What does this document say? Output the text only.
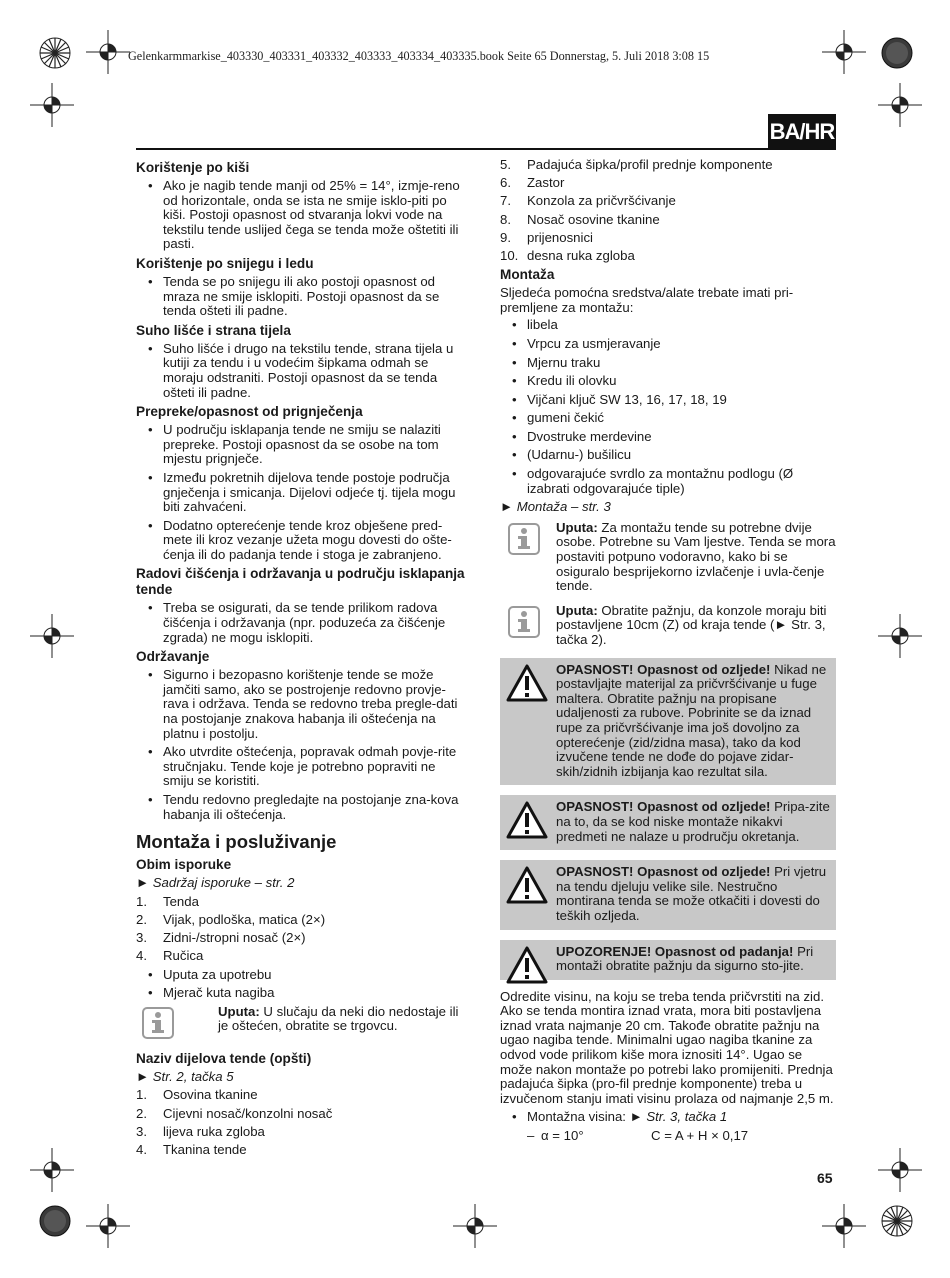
Gelenkarmmarkise_403330_403331_403332_403333_403334_403335.book Seite 65 Donnerstag, 5. Juli 2018 3:08 15
BA/HR
Korištenje po kiši
• Ako je nagib tende manji od 25% = 14°, izmje-reno od horizontale, onda se ista ne smije isklo-piti po kiši. Postoji opasnost od stvaranja lokvi vode na tekstilu tende uslijed čega se tenda može oštetiti ili pasti.
Korištenje po snijegu i ledu
• Tenda se po snijegu ili ako postoji opasnost od mraza ne smije isklopiti. Postoji opasnost da se tenda ošteti ili padne.
Suho lišće i strana tijela
• Suho lišće i drugo na tekstilu tende, strana tijela u kutiji za tendu i u vodećim šipkama odmah se moraju odstraniti. Postoji opasnost da se tenda ošteti ili padne.
Prepreke/opasnost od prignječenja
• U području isklapanja tende ne smiju se nalaziti prepreke. Postoji opasnost da se osobe na tom mjestu prignječe.
• Između pokretnih dijelova tende postoje područja gnječenja i smicanja. Dijelovi odjeće tj. tijela mogu biti zahvaćeni.
• Dodatno opterećenje tende kroz obješene pred-mete ili kroz vezanje užeta mogu dovesti do ošte-ćenja ili do padanja tende i stoga je zabranjeno.
Radovi čišćenja i održavanja u području isklapanja tende
• Treba se osigurati, da se tende prilikom radova čišćenja i održavanja (npr. poduzeća za čišćenje zgrada) ne mogu isklopiti.
Održavanje
• Sigurno i bezopasno korištenje tende se može jamčiti samo, ako se postrojenje redovno provje-rava i održava. Tenda se redovno treba pregle-dati na postojanje znakova habanja ili oštećenja na platnu i postolju.
• Ako utvrdite oštećenja, popravak odmah povje-rite stručnjaku. Tende koje je potrebno popraviti ne smiju se koristiti.
• Tendu redovno pregledajte na postojanje zna-kova habanja ili oštećenja.
Montaža i posluživanje
Obim isporuke
► Sadržaj isporuke – str. 2
1. Tenda
2. Vijak, podloška, matica (2×)
3. Zidni-/stropni nosač (2×)
4. Ručica
• Uputa za upotrebu
• Mjerač kuta nagiba
Uputa: U slučaju da neki dio nedostaje ili je oštećen, obratite se trgovcu.
Naziv dijelova tende (opšti)
► Str. 2, tačka 5
1. Osovina tkanine
2. Cijevni nosač/konzolni nosač
3. lijeva ruka zgloba
4. Tkanina tende
5. Padajuća šipka/profil prednje komponente
6. Zastor
7. Konzola za pričvršćivanje
8. Nosač osovine tkanine
9. prijenosnici
10. desna ruka zgloba
Montaža
Sljedeća pomoćna sredstva/alate trebate imati pri-premljene za montažu:
• libela
• Vrpcu za usmjeravanje
• Mjernu traku
• Kredu ili olovku
• Vijčani ključ SW 13, 16, 17, 18, 19
• gumeni čekić
• Dvostruke merdevine
• (Udarnu-) bušilicu
• odgovarajuće svrdlo za montažnu podlogu (Ø izabrati odgovarajuće tiple)
► Montaža – str. 3
Uputa: Za montažu tende su potrebne dvije osobe. Potrebne su Vam ljestve. Tenda se mora postaviti potpuno vodoravno, kako bi se osiguralo besprijekorno izvlačenje i uvla-čenje tende.
Uputa: Obratite pažnju, da konzole moraju biti postavljene 10cm (Z) od kraja tende (► Str. 3, tačka 2).
OPASNOST! Opasnost od ozljede! Nikad ne postavljajte materijal za pričvršćivanje u fuge maltera. Obratite pažnju na propisane udaljenosti za rubove. Pobrinite se da iznad rupe za pričvršćivanje ima još dovoljno za opterećenje (zid/zidna masa), tako da kod izvučene tende ne dođe do pojave zidar-skih/zidnih izbijanja kao rezultat sila.
OPASNOST! Opasnost od ozljede! Pripa-zite na to, da se kod niske montaže nikakvi predmeti ne nalaze u prodručju okretanja.
OPASNOST! Opasnost od ozljede! Pri vjetru na tendu djeluju velike sile. Nestručno montirana tenda se može otkačiti i dovesti do teških ozljeda.
UPOZORENJE! Opasnost od padanja! Pri montaži obratite pažnju da sigurno sto-jite.
Odredite visinu, na koju se treba tenda pričvrstiti na zid. Ako se tenda montira iznad vrata, mora biti postavljena iznad vrata najmanje 20 cm. Takođe obratite pažnju na ugao nagiba tende. Minimalni ugao nagiba tkanine za odvod vode prilikom kiše mora iznositi 14°. Ugao se može nakon montaže po potrebi lako promijeniti. Prednja padajuća šipka (pro-fil prednje komponente) treba u izvučenom stanju imati visinu prolaza od najmanje 2,5 m.
• Montažna visina: ► Str. 3, tačka 1
– α = 10°	C = A + H × 0,17
65
